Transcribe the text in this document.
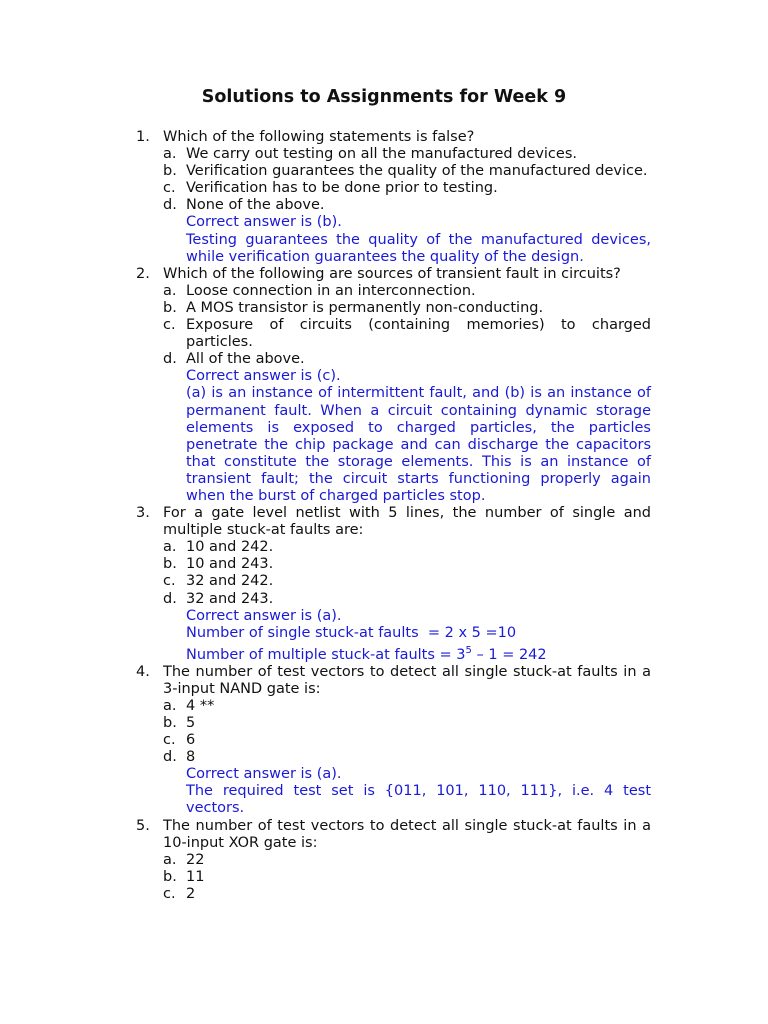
Solutions to Assignments for Week 9
1. Which of the following statements is false?
a. We carry out testing on all the manufactured devices.
b. Verification guarantees the quality of the manufactured device.
c. Verification has to be done prior to testing.
d. None of the above.
Correct answer is (b).
Testing guarantees the quality of the manufactured devices, while verification guarantees the quality of the design.
2. Which of the following are sources of transient fault in circuits?
a. Loose connection in an interconnection.
b. A MOS transistor is permanently non-conducting.
c. Exposure of circuits (containing memories) to charged particles.
d. All of the above.
Correct answer is (c).
(a) is an instance of intermittent fault, and (b) is an instance of permanent fault. When a circuit containing dynamic storage elements is exposed to charged particles, the particles penetrate the chip package and can discharge the capacitors that constitute the storage elements. This is an instance of transient fault; the circuit starts functioning properly again when the burst of charged particles stop.
3. For a gate level netlist with 5 lines, the number of single and multiple stuck-at faults are:
a. 10 and 242.
b. 10 and 243.
c. 32 and 242.
d. 32 and 243.
Correct answer is (a).
Number of single stuck-at faults  = 2 x 5 =10
Number of multiple stuck-at faults = $3^5 - 1 = 242$
4. The number of test vectors to detect all single stuck-at faults in a 3-input NAND gate is:
a. 4 **
b. 5
c. 6
d. 8
Correct answer is (a).
The required test set is {011, 101, 110, 111}, i.e. 4 test vectors.
5. The number of test vectors to detect all single stuck-at faults in a 10-input XOR gate is:
a. 22
b. 11
c. 2
